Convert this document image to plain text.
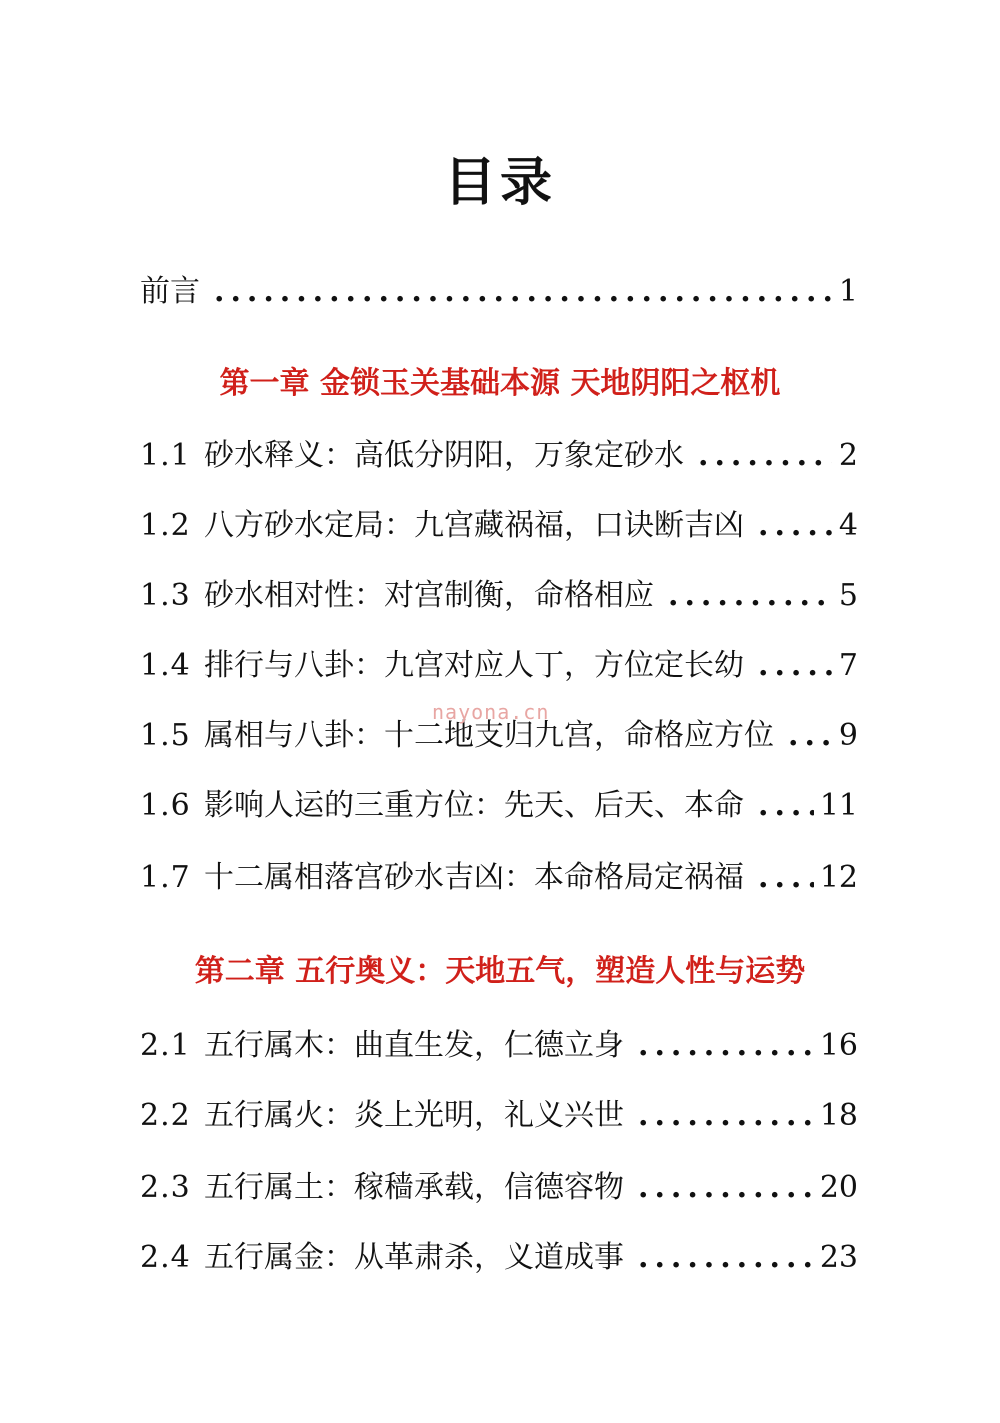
目录
前言 .....	1
第一章 金锁玉关基础本源 天地阴阳之枢机
1.1 砂水释义：高低分阴阳，万象定砂水 .....	2
1.2 八方砂水定局：九宫藏祸福，口诀断吉凶 .....	4
1.3 砂水相对性：对宫制衡，命格相应 .....	5
1.4 排行与八卦：九宫对应人丁，方位定长幼 .....	7
1.5 属相与八卦：十二地支归九宫，命格应方位 ..... 9
1.6 影响人运的三重方位：先天、后天、本命 .....	11
1.7 十二属相落宫砂水吉凶：本命格局定祸福 .....	12
第二章 五行奥义：天地五气，塑造人性与运势
2.1 五行属木：曲直生发，仁德立身 .....	16
2.2 五行属火：炎上光明，礼义兴世 .....	18
2.3 五行属土：稼穑承载，信德容物 .....	20
2.4 五行属金：从革肃杀，义道成事 .....	23
nayona.cn
